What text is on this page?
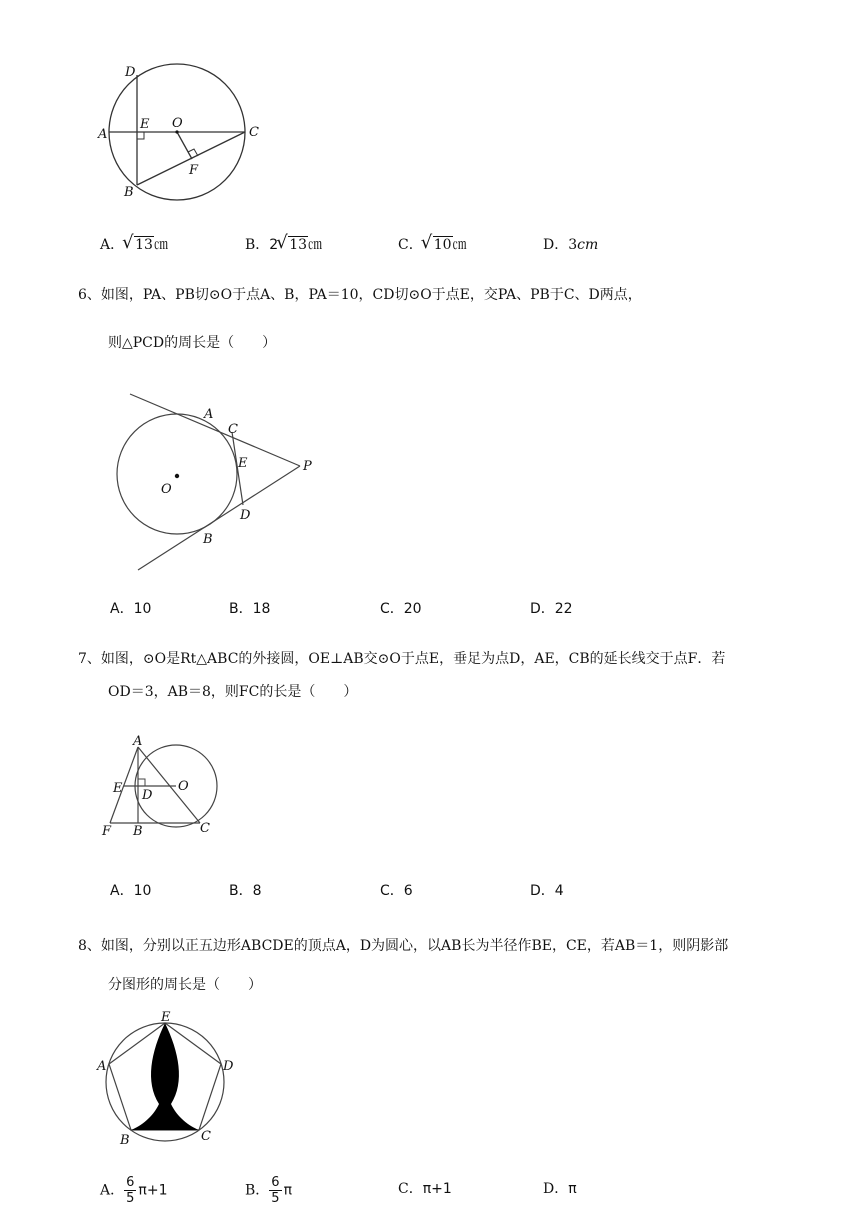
D
E O
A	C
F
B
A． √ 13㎝	B．2 √ 13㎝	C． √ 10㎝	D．3cm
6、如图，PA、PB切⊙O于点A、B，PA＝10，CD切⊙O于点E，交PA、PB于C、D两点，
则△PCD的周长是（　　）
A
C
E	P
O
D
B
A．10	B．18	C．20	D．22
7、如图，⊙O是Rt△ABC的外接圆，OE⊥AB交⊙O于点E，垂足为点D，AE，CB的延长线交于点F．若
OD＝3，AB＝8，则FC的长是（　　）
A
E D
O
F B	C
A．10	B．8	C．6	D．4
8、如图，分别以正五边形ABCDE的顶点A，D为圆心，以AB长为半径作BE，CE，若AB＝1，则阴影部
分图形的周长是（　　）
E
A	D
B	C
A． $\frac{6}{5} \pi+1$	B． $\frac{6}{5}$ π	C．π+1	D．π
